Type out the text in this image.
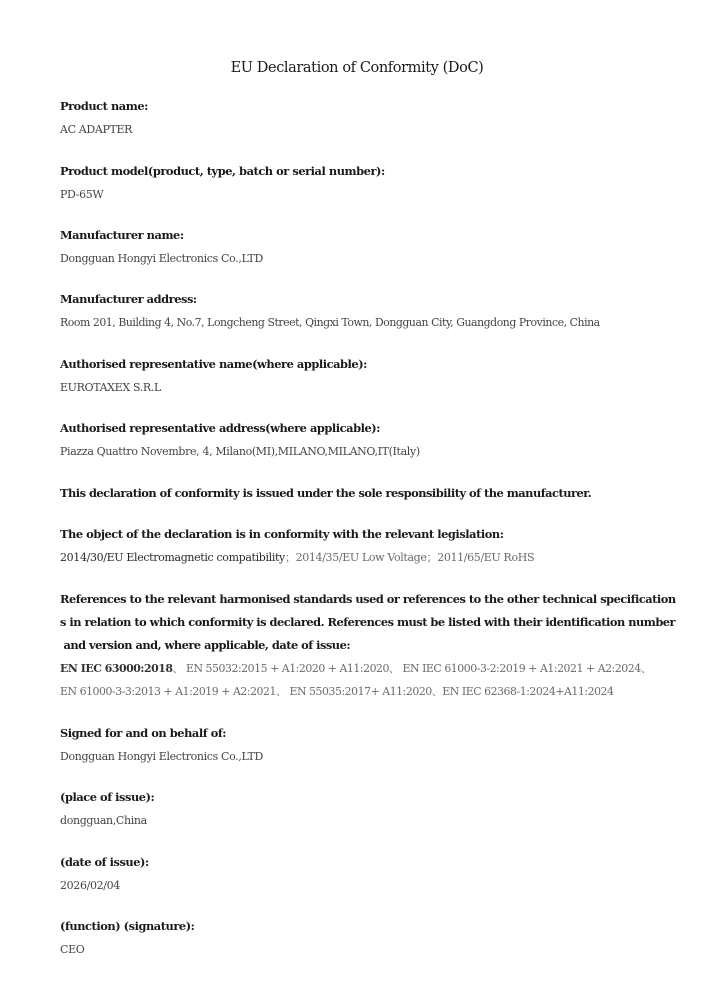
EU Declaration of Conformity (DoC)
Product name:
AC ADAPTER
Product model(product, type, batch or serial number):
PD-65W
Manufacturer name:
Dongguan Hongyi Electronics Co.,LTD
Manufacturer address:
Room 201, Building 4, No.7, Longcheng Street, Qingxi Town, Dongguan City, Guangdong Province, China
Authorised representative name(where applicable):
EUROTAXEX S.R.L
Authorised representative address(where applicable):
Piazza Quattro Novembre, 4, Milano(MI),MILANO,MILANO,IT(Italy)
This declaration of conformity is issued under the sole responsibility of the manufacturer.
The object of the declaration is in conformity with the relevant legislation:
2014/30/EU Electromagnetic compatibility；2014/35/EU Low Voltage；2011/65/EU RoHS
References to the relevant harmonised standards used or references to the other technical specification
s in relation to which conformity is declared. References must be listed with their identification number
and version and, where applicable, date of issue:
EN IEC 63000:2018、 EN 55032:2015 + A1:2020 + A11:2020、 EN IEC 61000-3-2:2019 + A1:2021 + A2:2024、
EN 61000-3-3:2013 + A1:2019 + A2:2021、 EN 55035:2017+ A11:2020、EN IEC 62368-1:2024+A11:2024
Signed for and on behalf of:
Dongguan Hongyi Electronics Co.,LTD
(place of issue):
dongguan,China
(date of issue):
2026/02/04
(function) (signature):
CEO
